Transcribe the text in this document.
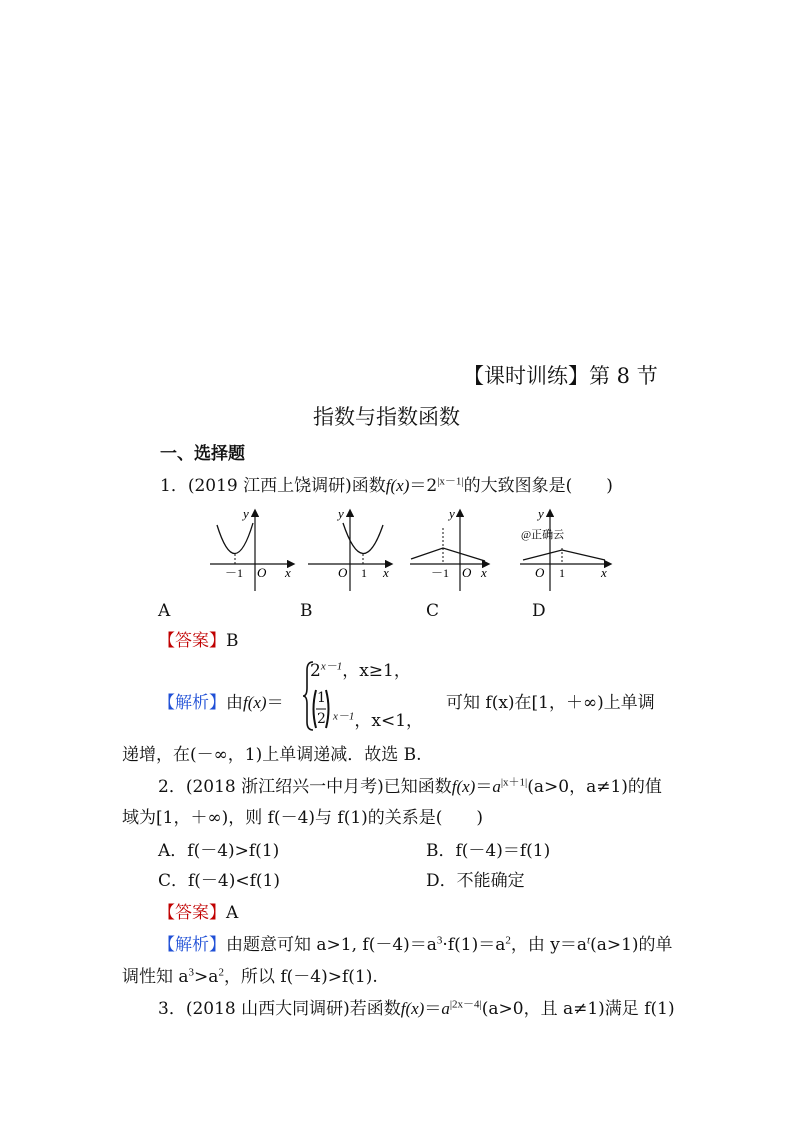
【课时训练】第 8 节
指数与指数函数
一、选择题
1．(2019 江西上饶调研)函数$f(x)=2^{|x-1|}$的大致图象是(　　)
y
x
O
－1
y
x
O 1
y
x
O
－1
y
x
O 1
@正确云
A	B	C	D
【答案】B
【解析】由f(x)＝
$2^{x-1}$，x≥1，
1
2 $^{x-1}$，x<1，
可知 f(x)在[1，＋∞)上单调
递增，在(－∞，1)上单调递减．故选 B.
2．(2018 浙江绍兴一中月考)已知函数$f(x)=a^{|x+1|}(a>0$，a≠1)的值
域为[1，＋∞)，则 f(－4)与 f(1)的关系是(　　)
A．f(－4)>f(1)	B．f(－4)＝f(1)
C．f(－4)<f(1)	D．不能确定
【答案】A
【解析】由题意可知 a>1, $f(-4)=a^3\cdot f(1)=a^2$，由 $y=a^t(a>1)$的单
调性知 $a^3>a^2$，所以 f(－4)>f(1).
3．(2018 山西大同调研)若函数$f(x)=a^{|2x-4|}(a>0$，且 a≠1)满足 f(1)
